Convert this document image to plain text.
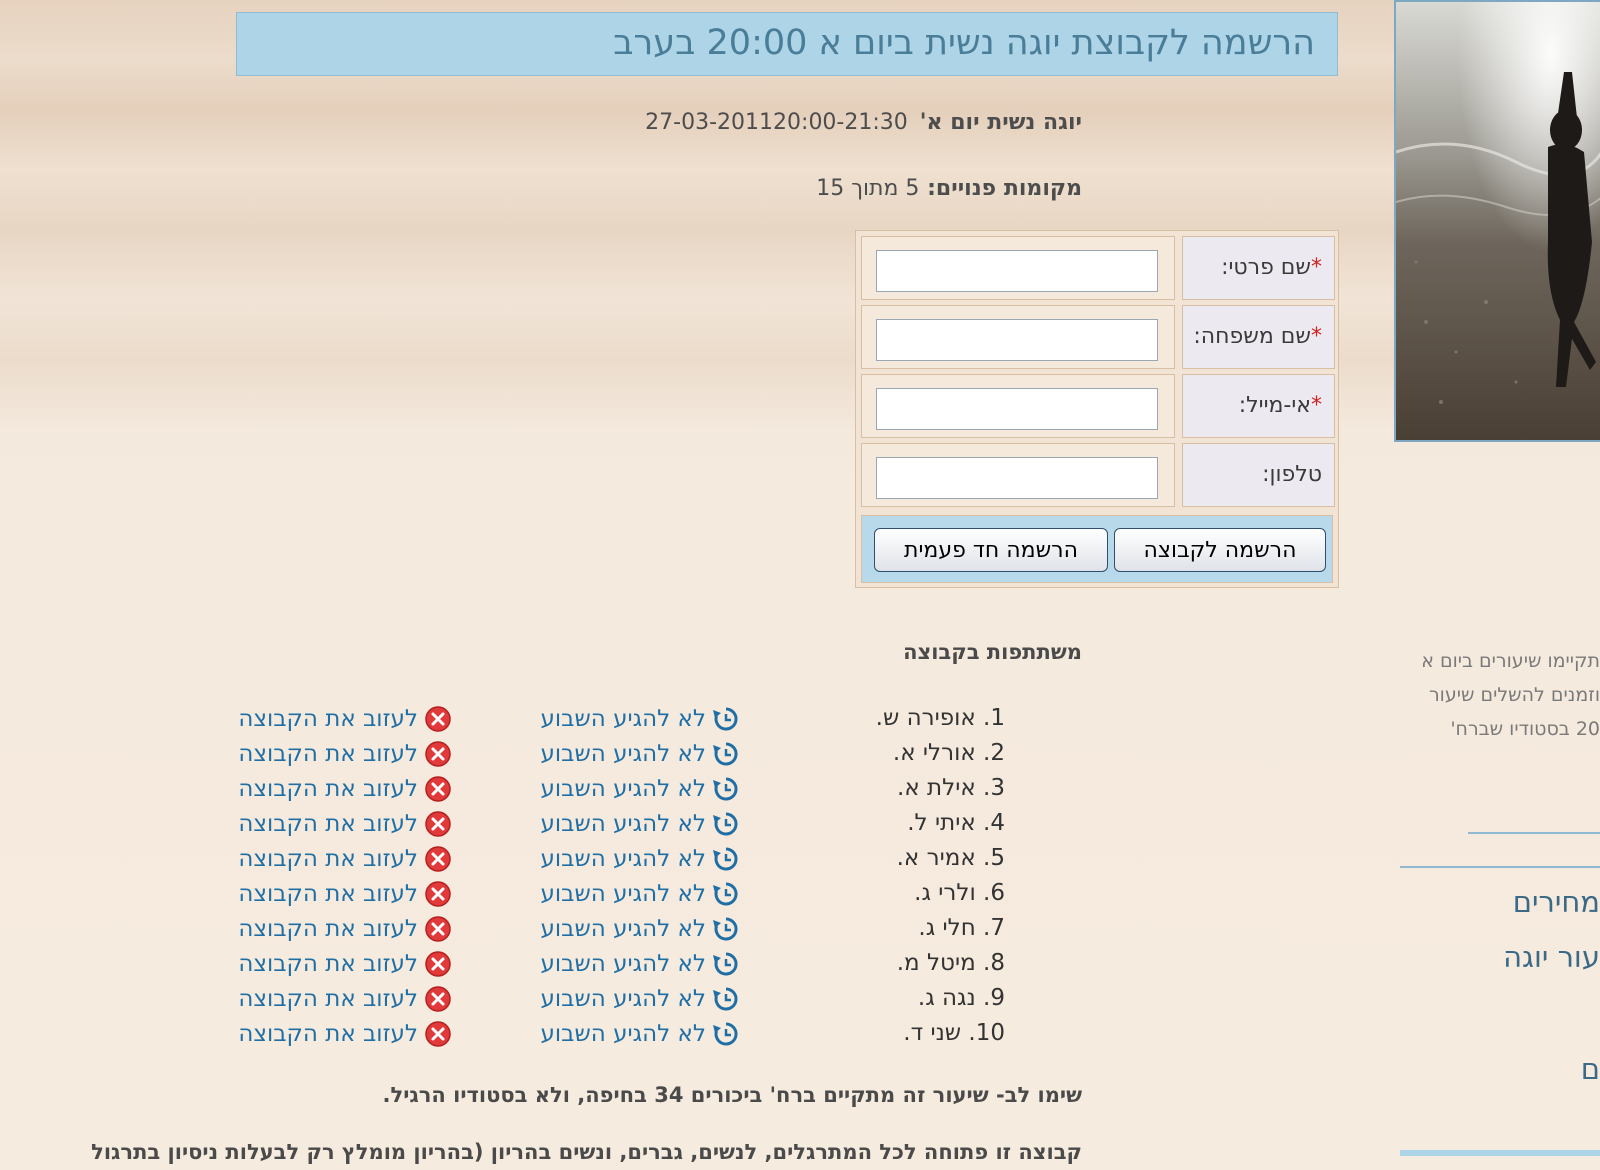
הרשמה לקבוצת יוגה נשית ביום א 20:00 בערב
יוגה נשית יום א'27-03-201120:00-21:30
מקומות פנויים: 5 מתוך 15
*שם פרטי:
*שם משפחה:
*אי-מייל:
טלפון:
הרשמה לקבוצה
הרשמה חד פעמית
משתתפות בקבוצה
1. אופירה ש.
לא להגיע השבוע
לעזוב את הקבוצה
2. אורלי א.
לא להגיע השבוע
לעזוב את הקבוצה
3. אילת א.
לא להגיע השבוע
לעזוב את הקבוצה
4. איתי ל.
לא להגיע השבוע
לעזוב את הקבוצה
5. אמיר א.
לא להגיע השבוע
לעזוב את הקבוצה
6. ולרי ג.
לא להגיע השבוע
לעזוב את הקבוצה
7. חלי ג.
לא להגיע השבוע
לעזוב את הקבוצה
8. מיטל מ.
לא להגיע השבוע
לעזוב את הקבוצה
9. נגה ג.
לא להגיע השבוע
לעזוב את הקבוצה
10. שני ד.
לא להגיע השבוע
לעזוב את הקבוצה
שימו לב- שיעור זה מתקיים ברח' ביכורים 34 בחיפה, ולא בסטודיו הרגיל.
קבוצה זו פתוחה לכל המתרגלים, לנשים, גברים, ונשים בהריון (בהריון מומלץ רק לבעלות ניסיון בתרגול
תקיימו שיעורים ביום א
וזמנים להשלים שיעור
20 בסטודיו שברח'
מחירים
עור יוגה
ם
